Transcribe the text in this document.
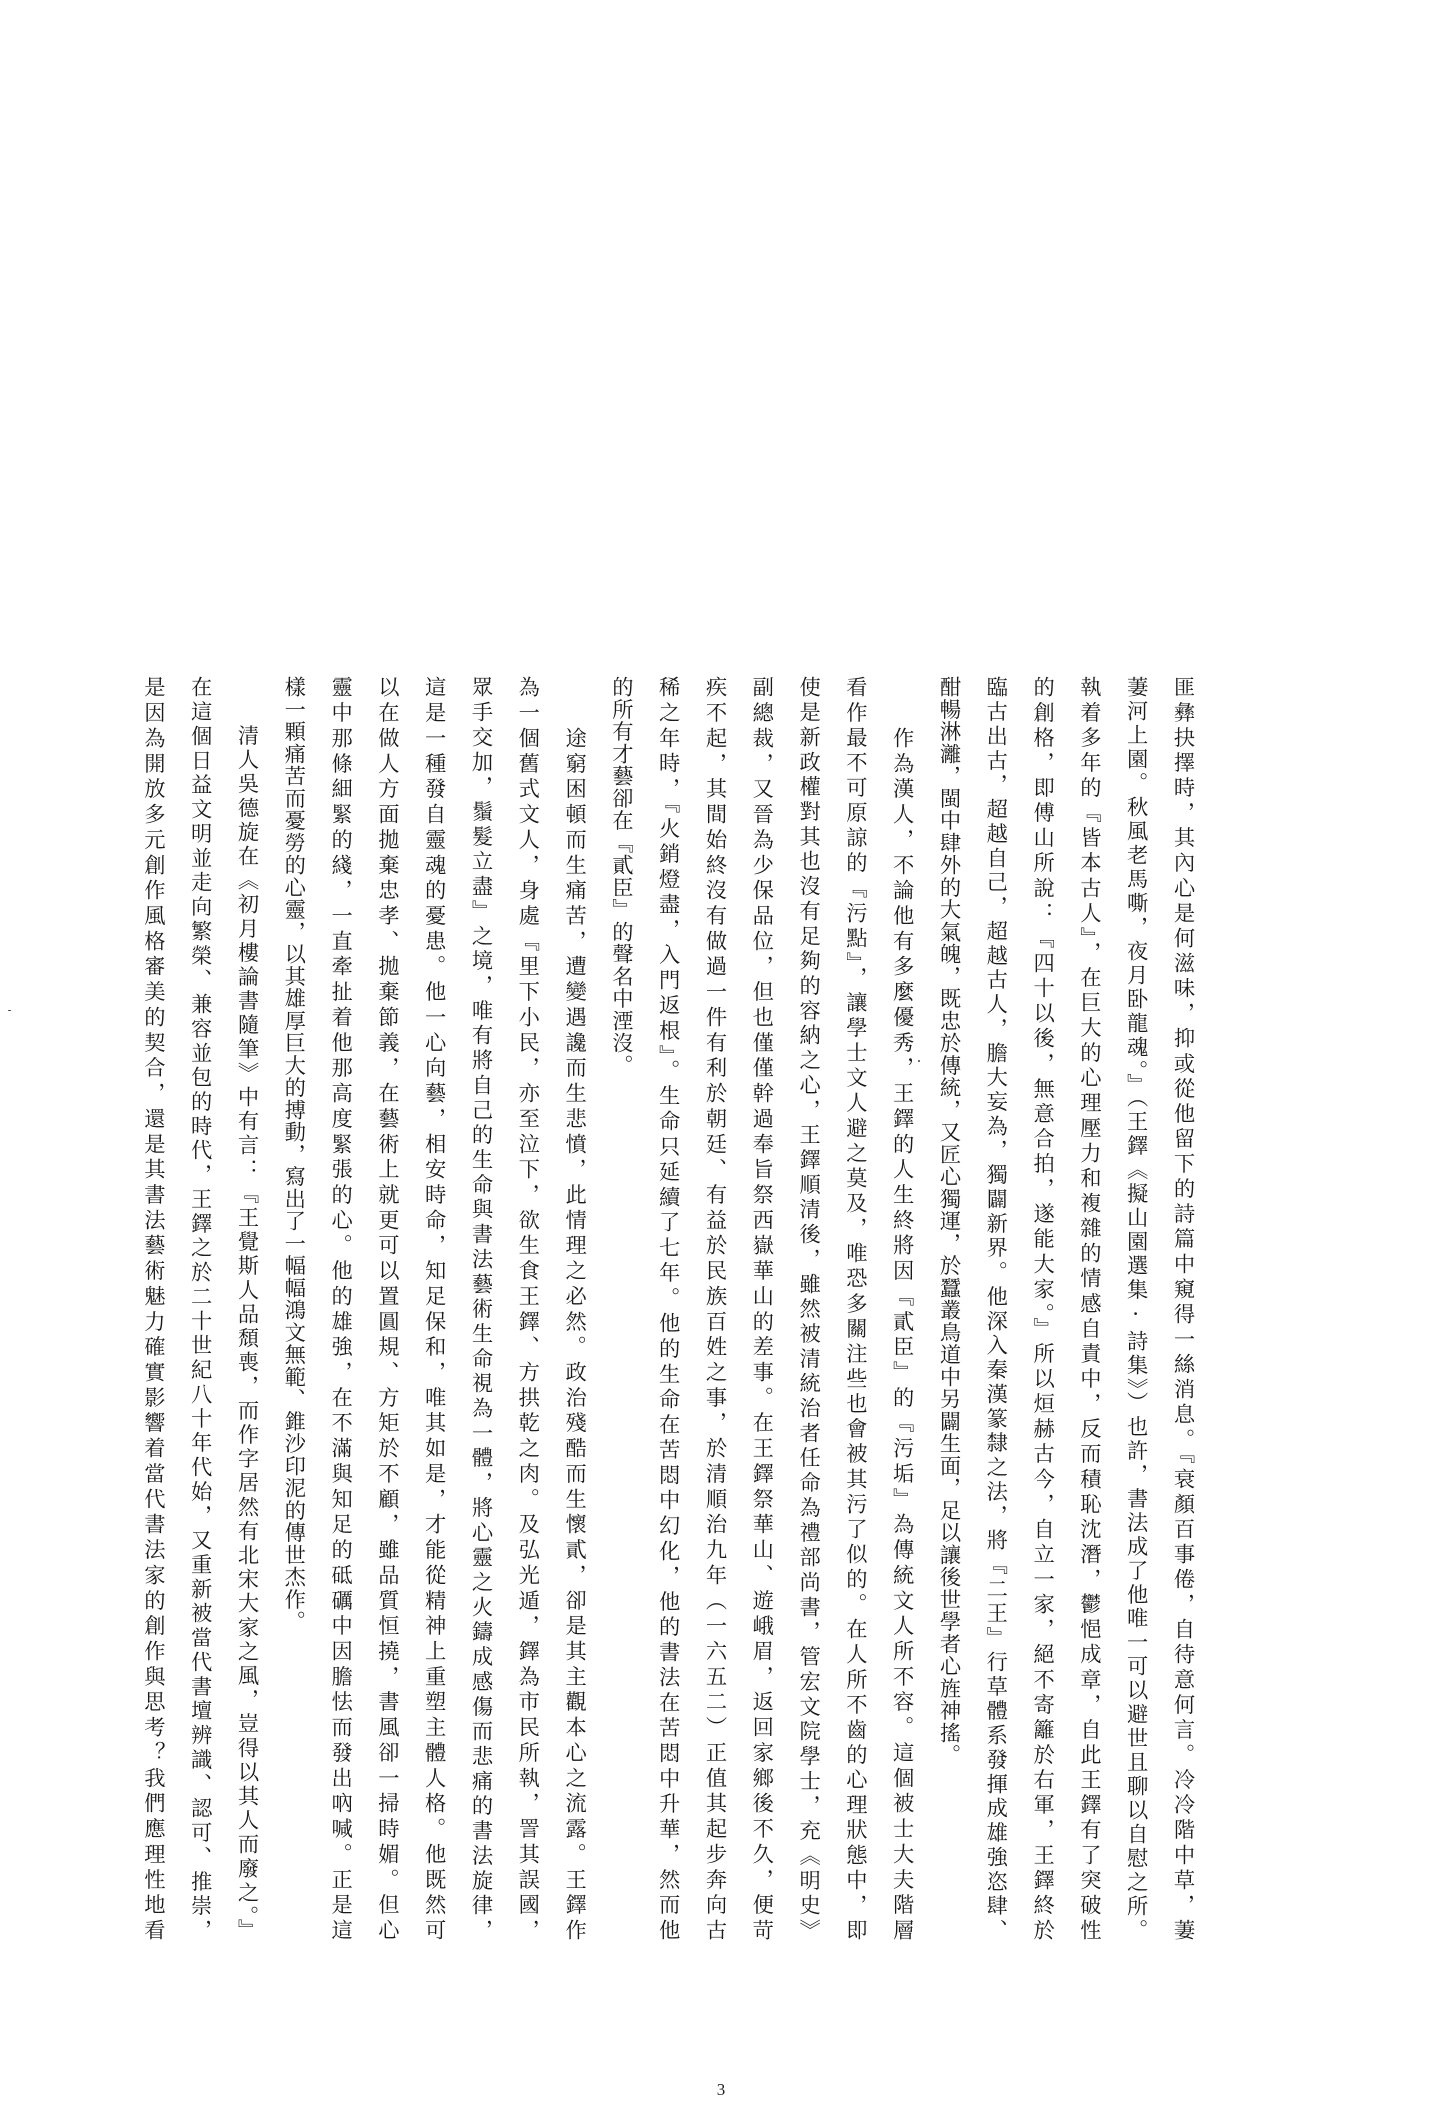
匪彝抉擇時，其內心是何滋味，抑或從他留下的詩篇中窺得一絲消息。『衰顏百事倦，自待意何言。冷冷階中草，萋
萋河上園。秋風老馬嘶，夜月卧龍魂。』（王鐸《擬山園選集·詩集》）也許，書法成了他唯一可以避世且聊以自慰之所。
執着多年的『皆本古人』，在巨大的心理壓力和複雜的情感自責中，反而積恥沈潛，鬱悒成章，自此王鐸有了突破性
的創格，即傅山所說：『四十以後，無意合拍，遂能大家。』所以烜赫古今，自立一家，絕不寄籬於右軍，王鐸終於
臨古出古，超越自己，超越古人，膽大妄為，獨闢新界。他深入秦漢篆隸之法，將『二王』行草體系發揮成雄強恣肆、
酣暢淋灕，閩中肆外的大氣魄，既忠於傳統，又匠心獨運，於蠶叢鳥道中另闢生面，足以讓後世學者心旌神搖。
　　作為漢人，不論他有多麼優秀，王鐸的人生終將因『貳臣』的『污垢』為傳統文人所不容。這個被士大夫階層
看作最不可原諒的『污點』，讓學士文人避之莫及，唯恐多關注些也會被其污了似的。在人所不齒的心理狀態中，即
使是新政權對其也沒有足夠的容納之心，王鐸順清後，雖然被清統治者任命為禮部尚書，管宏文院學士，充《明史》
副總裁，又晉為少保品位，但也僅僅幹過奉旨祭西嶽華山的差事。在王鐸祭華山、遊峨眉，返回家鄉後不久，便苛
疾不起，其間始終沒有做過一件有利於朝廷、有益於民族百姓之事，於清順治九年（一六五二）正值其起步奔向古
稀之年時，『火銷燈盡，入門返根』。生命只延續了七年。他的生命在苦悶中幻化，他的書法在苦悶中升華，然而他
的所有才藝卻在『貳臣』的聲名中湮沒。
　　途窮困頓而生痛苦，遭變遇讒而生悲憤，此情理之必然。政治殘酷而生懷貳，卻是其主觀本心之流露。王鐸作
為一個舊式文人，身處『里下小民，亦至泣下，欲生食王鐸、方拱乾之肉。及弘光遁，鐸為市民所執，詈其誤國，
眾手交加，鬚髮立盡』之境，唯有將自己的生命與書法藝術生命視為一體，將心靈之火鑄成感傷而悲痛的書法旋律，
這是一種發自靈魂的憂患。他一心向藝，相安時命，知足保和，唯其如是，才能從精神上重塑主體人格。他既然可
以在做人方面拋棄忠孝、拋棄節義，在藝術上就更可以置圓規、方矩於不顧，雖品質恒撓，書風卻一掃時媚。但心
靈中那條細緊的綫，一直牽扯着他那高度緊張的心。他的雄強，在不滿與知足的砥礪中因膽怯而發出吶喊。正是這
樣一顆痛苦而憂勞的心靈，以其雄厚巨大的搏動，寫出了一幅幅鴻文無範、錐沙印泥的傳世杰作。
　　清人吳德旋在《初月樓論書隨筆》中有言：『王覺斯人品頹喪，而作字居然有北宋大家之風，豈得以其人而廢之。』
在這個日益文明並走向繁榮、兼容並包的時代，王鐸之於二十世紀八十年代始，又重新被當代書壇辨識、認可、推崇，
是因為開放多元創作風格審美的契合，還是其書法藝術魅力確實影響着當代書法家的創作與思考？我們應理性地看
3
